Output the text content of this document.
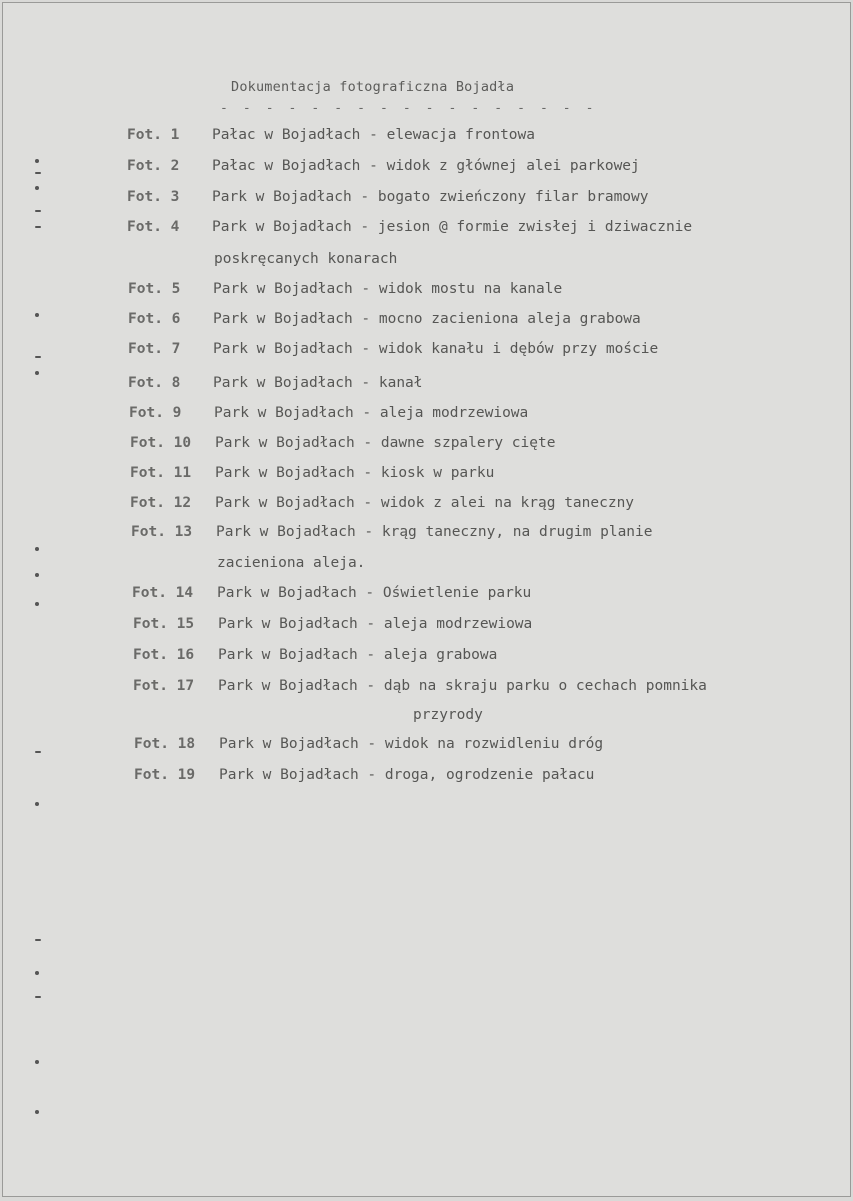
Dokumentacja fotograficzna Bojadła
- - - - - - - - - - - - - - - - -
Fot. 1 Pałac w Bojadłach - elewacja frontowa
Fot. 2 Pałac w Bojadłach - widok z głównej alei parkowej
Fot. 3 Park w Bojadłach - bogato zwieńczony filar bramowy
Fot. 4 Park w Bojadłach - jesion @ formie zwisłej i dziwacznie
poskręcanych konarach
Fot. 5 Park w Bojadłach - widok mostu na kanale
Fot. 6 Park w Bojadłach - mocno zacieniona aleja grabowa
Fot. 7 Park w Bojadłach - widok kanału i dębów przy moście
Fot. 8 Park w Bojadłach - kanał
Fot. 9 Park w Bojadłach - aleja modrzewiowa
Fot. 10 Park w Bojadłach - dawne szpalery cięte
Fot. 11 Park w Bojadłach - kiosk w parku
Fot. 12 Park w Bojadłach - widok z alei na krąg taneczny
Fot. 13 Park w Bojadłach - krąg taneczny, na drugim planie
zacieniona aleja.
Fot. 14 Park w Bojadłach - Oświetlenie parku
Fot. 15 Park w Bojadłach - aleja modrzewiowa
Fot. 16 Park w Bojadłach - aleja grabowa
Fot. 17 Park w Bojadłach - dąb na skraju parku o cechach pomnika
przyrody
Fot. 18 Park w Bojadłach - widok na rozwidleniu dróg
Fot. 19 Park w Bojadłach - droga, ogrodzenie pałacu
